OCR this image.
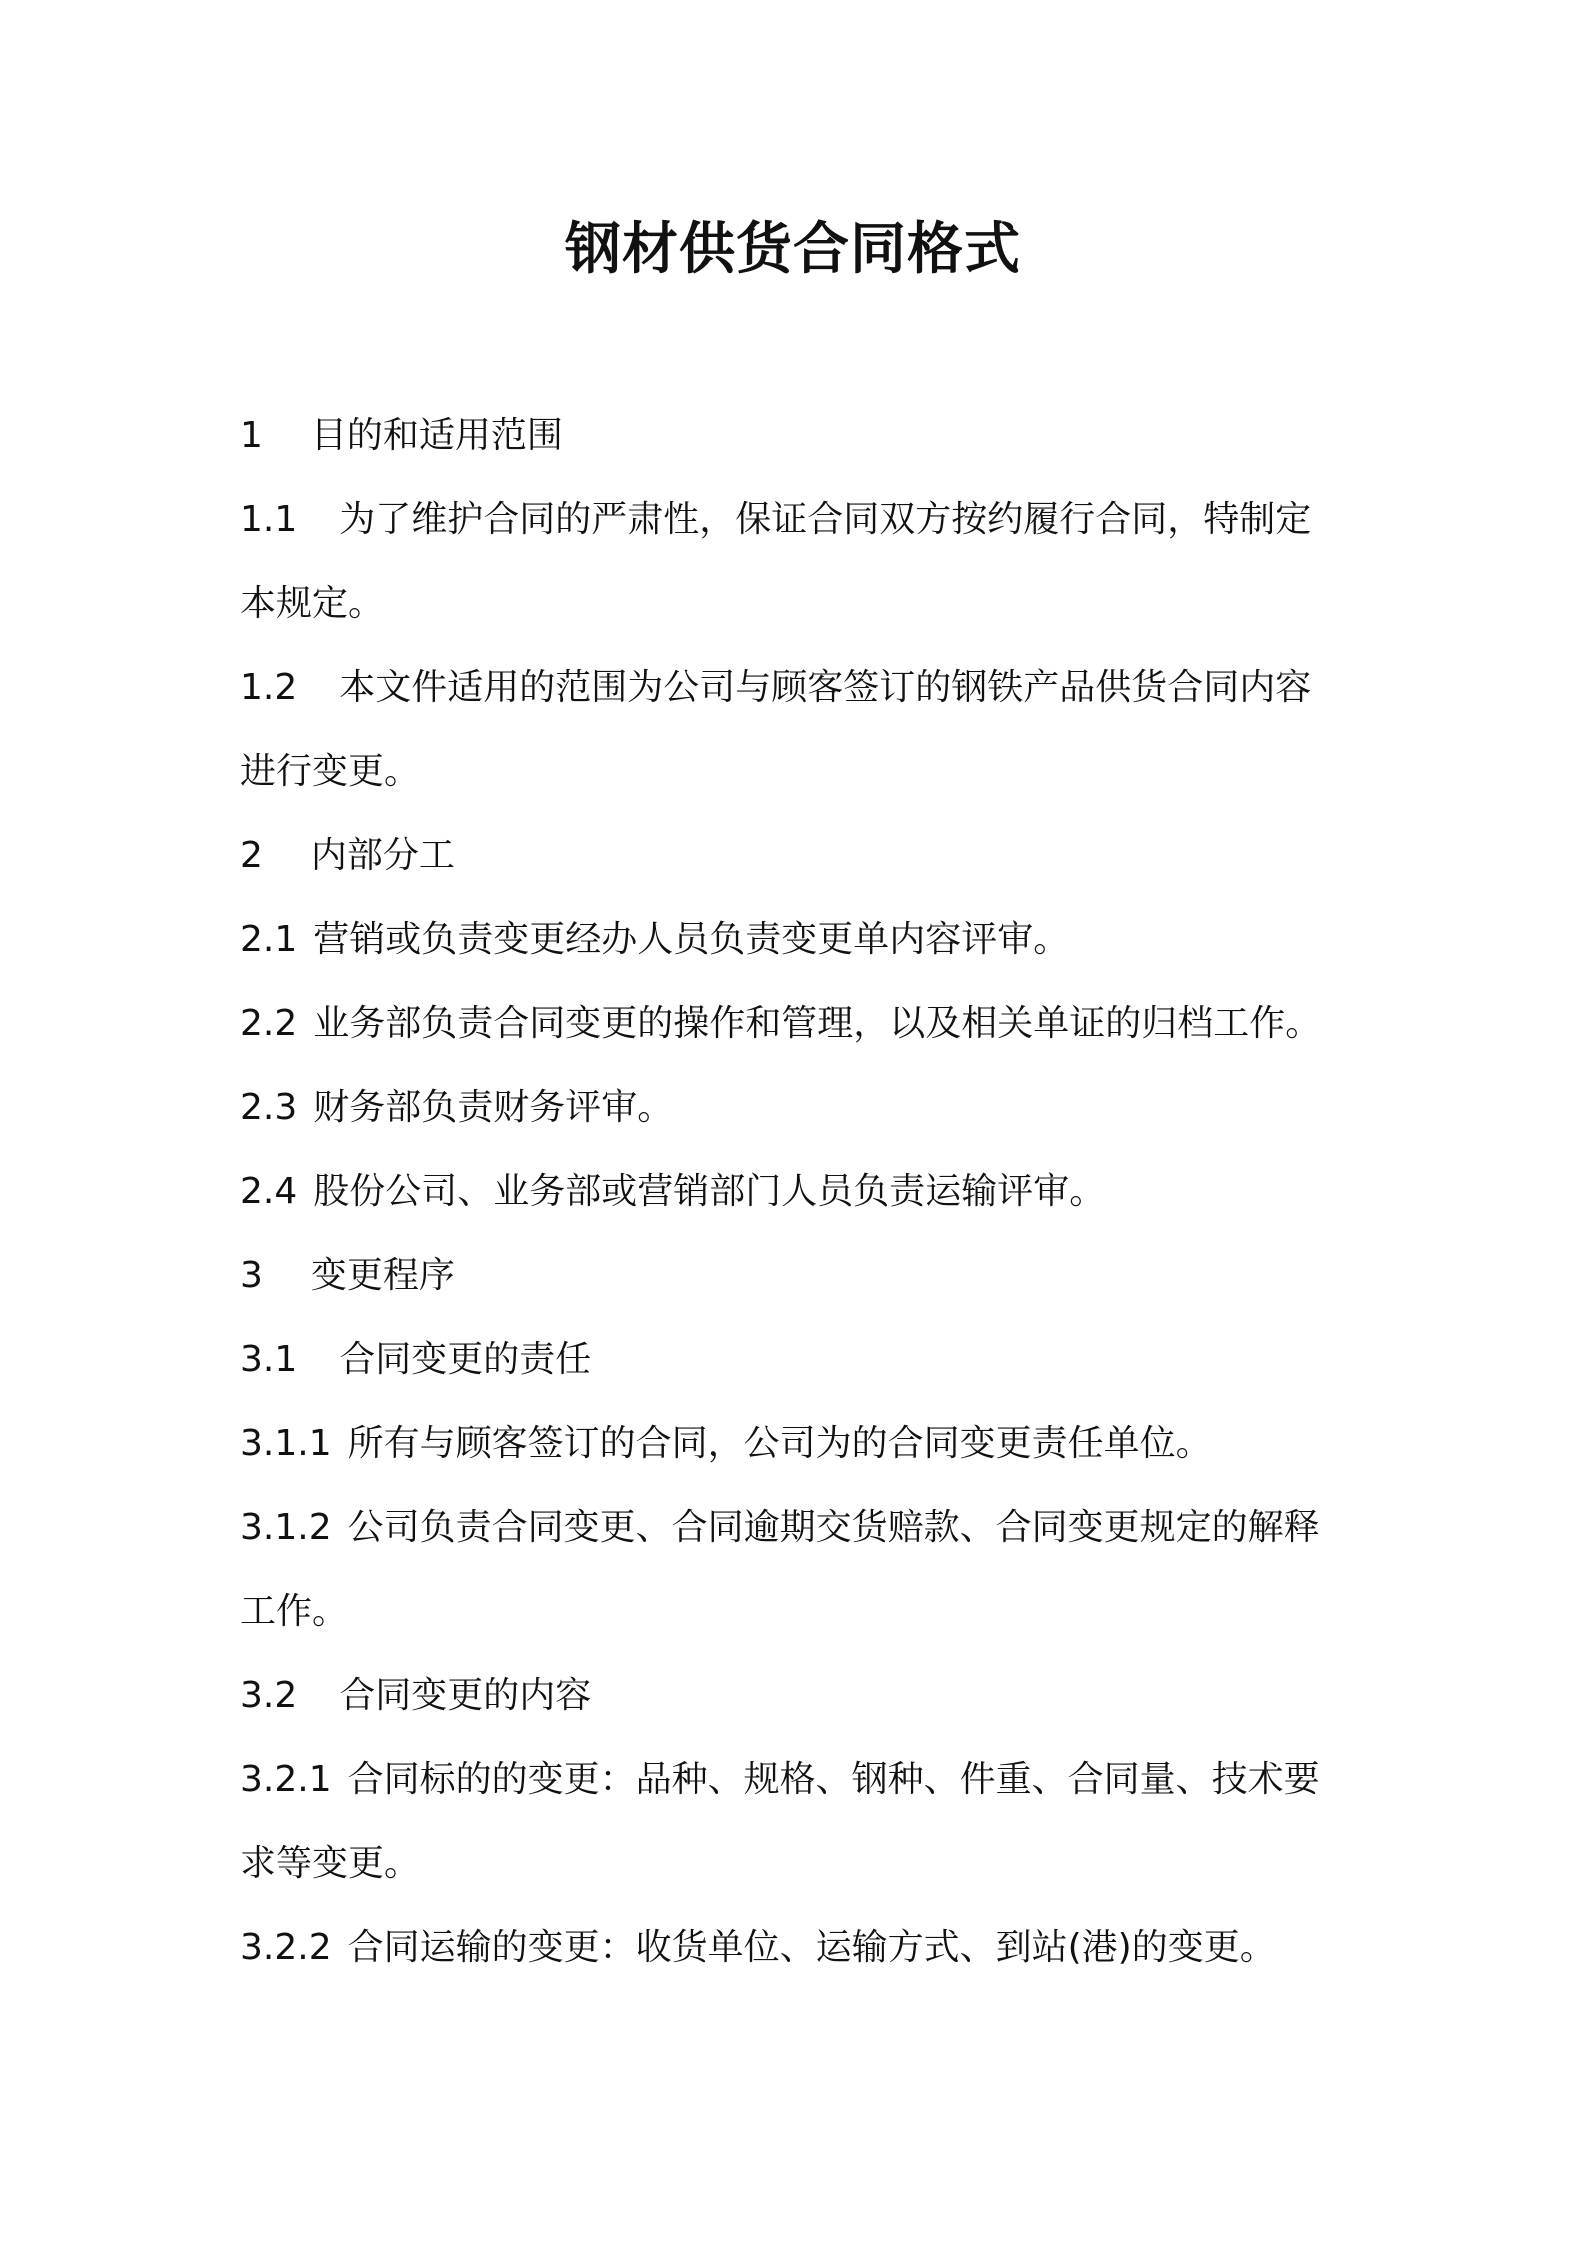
钢材供货合同格式
1 目的和适用范围
1.1 为了维护合同的严肃性，保证合同双方按约履行合同，特制定
本规定。
1.2 本文件适用的范围为公司与顾客签订的钢铁产品供货合同内容
进行变更。
2 内部分工
2.1 营销或负责变更经办人员负责变更单内容评审。
2.2 业务部负责合同变更的操作和管理，以及相关单证的归档工作。
2.3 财务部负责财务评审。
2.4 股份公司、业务部或营销部门人员负责运输评审。
3 变更程序
3.1 合同变更的责任
3.1.1 所有与顾客签订的合同，公司为的合同变更责任单位。
3.1.2 公司负责合同变更、合同逾期交货赔款、合同变更规定的解释
工作。
3.2 合同变更的内容
3.2.1 合同标的的变更：品种、规格、钢种、件重、合同量、技术要
求等变更。
3.2.2 合同运输的变更：收货单位、运输方式、到站(港)的变更。
